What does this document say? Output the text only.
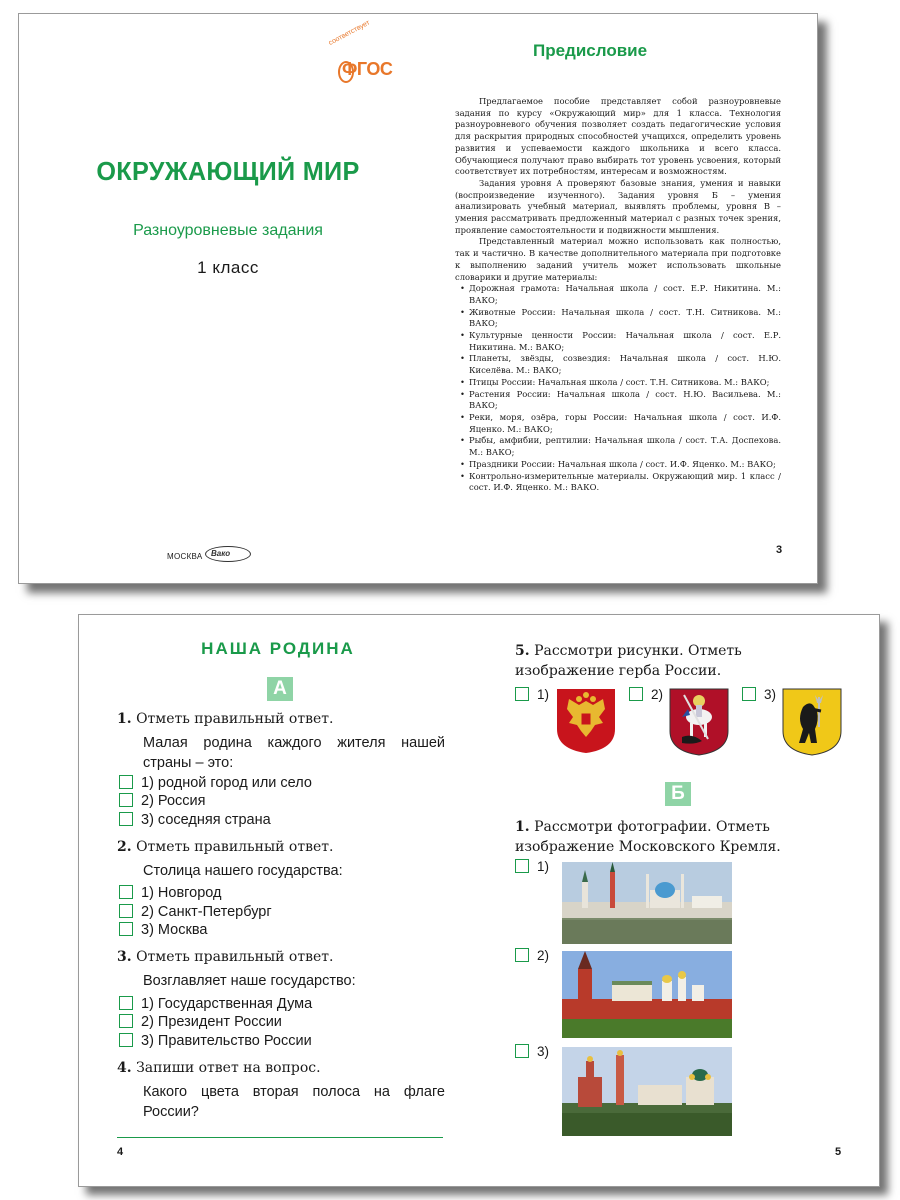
соответствует
ФГОС
ОКРУЖАЮЩИЙ МИР
Разноуровневые задания
1 класс
МОСКВА Вако
Предисловие

Предлагаемое пособие представляет собой разноуровневые задания по курсу «Окружающий мир» для 1 класса. Технология разноуровневого обучения позволяет создать педагогические условия для раскрытия природных способностей учащихся, определить уровень развития и успеваемости каждого школьника и всего класса. Обучающиеся получают право выбирать тот уровень усвоения, который соответствует их потребностям, интересам и возможностям.

Задания уровня А проверяют базовые знания, умения и навыки (воспроизведение изученного). Задания уровня Б – умения анализировать учебный материал, выявлять проблемы, уровня В – умения рассматривать предложенный материал с разных точек зрения, проявление самостоятельности и подвижности мышления.

Представленный материал можно использовать как полностью, так и частично. В качестве дополнительного материала при подготовке к выполнению заданий учитель может использовать школьные словарики и другие материалы:

• Дорожная грамота: Начальная школа / сост. Е.Р. Никитина. М.: ВАКО;
• Животные России: Начальная школа / сост. Т.Н. Ситникова. М.: ВАКО;
• Культурные ценности России: Начальная школа / сост. Е.Р. Никитина. М.: ВАКО;
• Планеты, звёзды, созвездия: Начальная школа / сост. Н.Ю. Киселёва. М.: ВАКО;
• Птицы России: Начальная школа / сост. Т.Н. Ситникова. М.: ВАКО;
• Растения России: Начальная школа / сост. Н.Ю. Васильева. М.: ВАКО;
• Реки, моря, озёра, горы России: Начальная школа / сост. И.Ф. Яценко. М.: ВАКО;
• Рыбы, амфибии, рептилии: Начальная школа / сост. Т.А. Доспехова. М.: ВАКО;
• Праздники России: Начальная школа / сост. И.Ф. Яценко. М.: ВАКО;
• Контрольно-измерительные материалы. Окружающий мир. 1 класс / сост. И.Ф. Яценко. М.: ВАКО.
3
НАША РОДИНА
А
1. Отметь правильный ответ.
Малая родина каждого жителя нашей страны – это:
1) родной город или село
2) Россия
3) соседняя страна
2. Отметь правильный ответ.
Столица нашего государства:
1) Новгород
2) Санкт-Петербург
3) Москва
3. Отметь правильный ответ.
Возглавляет наше государство:
1) Государственная Дума
2) Президент России
3) Правительство России
4. Запиши ответ на вопрос.
Какого цвета вторая полоса на флаге России?
4
5. Рассмотри рисунки. Отметь изображение герба России.
1)	2)	3)
Б
1. Рассмотри фотографии. Отметь изображение Московского Кремля.
1)
2)
3)
5
